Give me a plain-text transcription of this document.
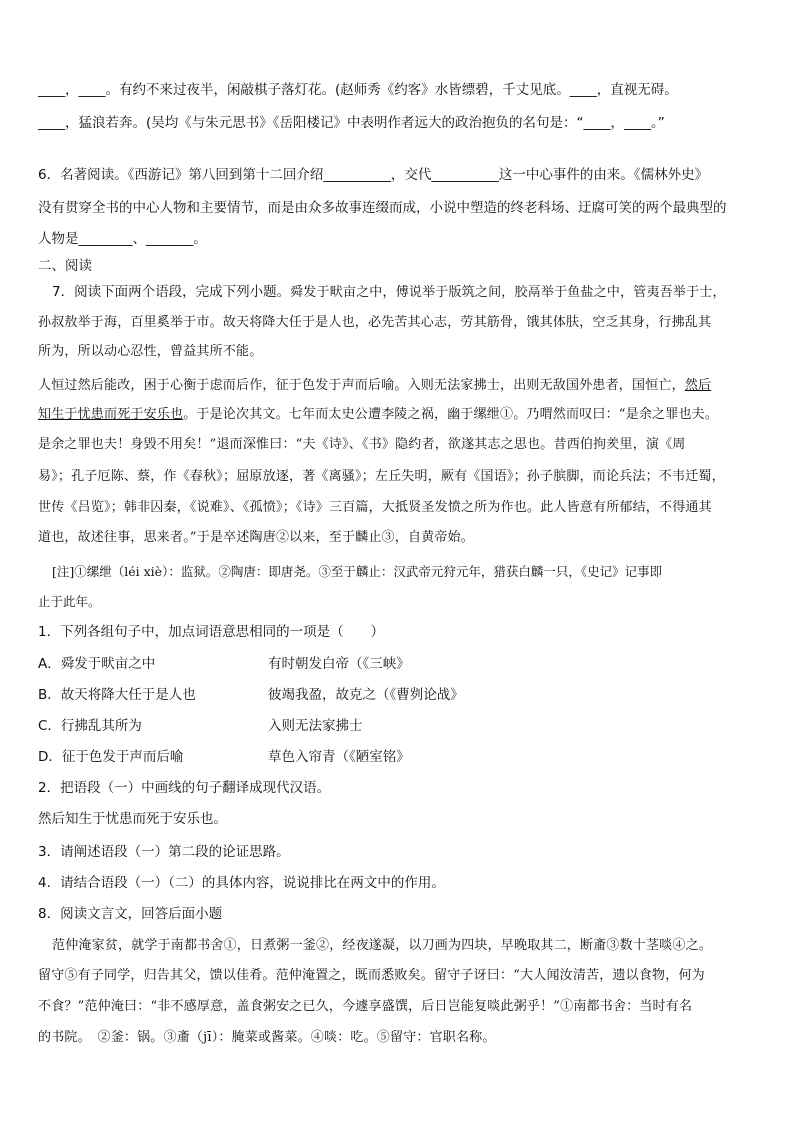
____，____。有约不来过夜半，闲敲棋子落灯花。(赵师秀《约客》水皆缥碧，千丈见底。____，直视无碍。
____，猛浪若奔。(吴均《与朱元思书》《岳阳楼记》中表明作者远大的政治抱负的名句是：“____，____。”
6．名著阅读。《西游记》第八回到第十二回介绍__________，交代__________这一中心事件的由来。《儒林外史》
没有贯穿全书的中心人物和主要情节，而是由众多故事连缀而成，小说中塑造的终老科场、迂腐可笑的两个最典型的
人物是________、_______。
二、阅读
7．阅读下面两个语段，完成下列小题。舜发于畎亩之中，傅说举于版筑之间，胶鬲举于鱼盐之中，管夷吾举于士，
孙叔敖举于海，百里奚举于市。故天将降大任于是人也，必先苦其心志，劳其筋骨，饿其体肤，空乏其身，行拂乱其
所为，所以动心忍性，曾益其所不能。
人恒过然后能改，困于心衡于虑而后作，征于色发于声而后喻。入则无法家拂士，出则无敌国外患者，国恒亡，然后
知生于忧患而死于安乐也。于是论次其文。七年而太史公遭李陵之祸，幽于缧绁①。乃喟然而叹曰：“是余之罪也夫。
是余之罪也夫！身毁不用矣！”退而深惟曰：“夫《诗》、《书》隐约者，欲遂其志之思也。昔西伯拘羑里，演《周
易》；孔子厄陈、蔡，作《春秋》；屈原放逐，著《离骚》；左丘失明，厥有《国语》；孙子膑脚，而论兵法；不韦迁蜀，
世传《吕览》；韩非囚秦，《说难》、《孤愤》；《诗》三百篇，大抵贤圣发愤之所为作也。此人皆意有所郁结，不得通其
道也，故述往事，思来者。”于是卒述陶唐②以来，至于麟止③，自黄帝始。
[注]①缧绁（léi xiè）：监狱。②陶唐：即唐尧。③至于麟止：汉武帝元狩元年，猎获白麟一只，《史记》记事即
止于此年。
1．下列各组句子中，加点词语意思相同的一项是（　　）
A．舜发于畎亩之中	有时朝发白帝（《三峡》
B．故天将降大任于是人也	彼竭我盈，故克之（《曹刿论战》
C．行拂乱其所为	入则无法家拂士
D．征于色发于声而后喻	草色入帘青（《陋室铭》
2．把语段（一）中画线的句子翻译成现代汉语。
然后知生于忧患而死于安乐也。
3．请阐述语段（一）第二段的论证思路。
4．请结合语段（一）（二）的具体内容，说说排比在两文中的作用。
8．阅读文言文，回答后面小题
范仲淹家贫，就学于南都书舍①，日煮粥一釜②，经夜遂凝，以刀画为四块，早晚取其二，断齑③数十茎啖④之。
留守⑤有子同学，归告其父，馈以佳肴。范仲淹置之，既而悉败矣。留守子讶曰：“大人闻汝清苦，遗以食物，何为
不食？”范仲淹曰：“非不感厚意，盖食粥安之已久，今遽享盛馔，后日岂能复啖此粥乎！”①南都书舍：当时有名
的书院。　②釜：锅。③齑（jī）：腌菜或酱菜。④啖：吃。⑤留守：官职名称。
